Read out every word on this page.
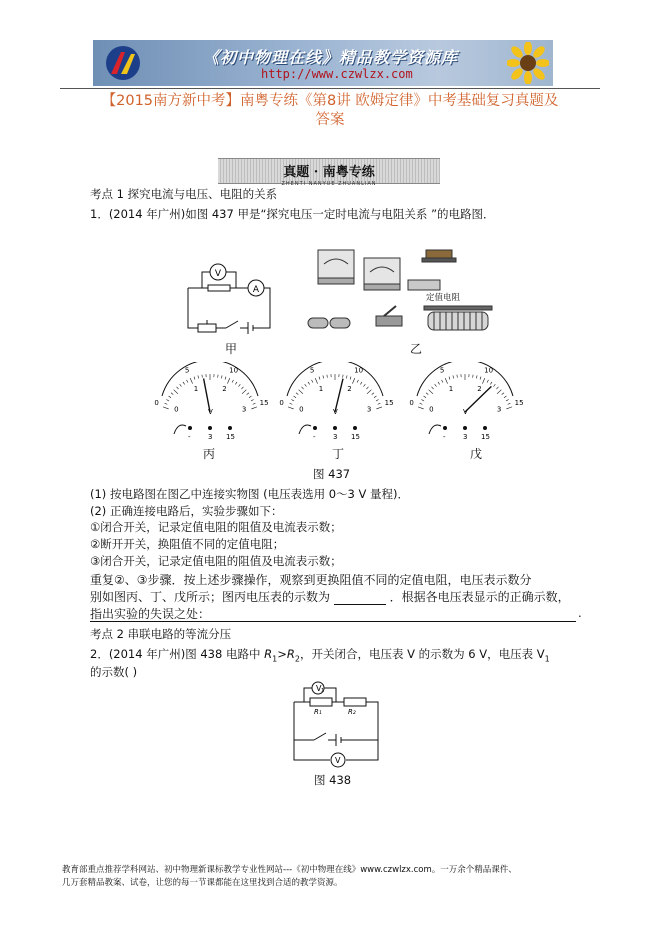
《初中物理在线》精品教学资源库
http://www.czwlzx.com
【2015南方新中考】南粤专练《第8讲 欧姆定律》中考基础复习真题及
答案
真题 · 南粤专练
ZHENTI NANYUE ZHUANLIAN
考点 1 探究电流与电压、电阻的关系
1．(2014 年广州)如图 437 甲是“探究电压一定时电流与电阻关系 ”的电路图．
V
A
甲
定值电阻
乙
0
5	10
15
0
1	2
3
V
- 3 15
0
5	10
15
0
1	2
3
V
- 3 15
0
5	10
15
0
1	2
3
V
- 3 15
丙	丁	戊
图 437
(1) 按电路图在图乙中连接实物图 (电压表选用 0～3 V 量程)．
(2) 正确连接电路后，实验步骤如下：
①闭合开关，记录定值电阻的阻值及电流表示数；
②断开开关，换阻值不同的定值电阻；
③闭合开关，记录定值电阻的阻值及电流表示数；
重复②、③步骤．按上述步骤操作，观察到更换阻值不同的定值电阻，电压表示数分
别如图丙、丁、戊所示；图丙电压表的示数为	．根据各电压表显示的正确示数，
指出实验的失误之处：	.
考点 2 串联电路的等流分压
2．(2014 年广州)图 438 电路中 $R_1>R_2$，开关闭合，电压表 V 的示数为 6 V，电压表 $V_1$
的示数( )
V 1
R₁	R₂
V
图 438
教育部重点推荐学科网站、初中物理新课标教学专业性网站---《初中物理在线》www.czwlzx.com。一万余个精品课件、
几万套精品教案、试卷，让您的每一节课都能在这里找到合适的教学资源。
